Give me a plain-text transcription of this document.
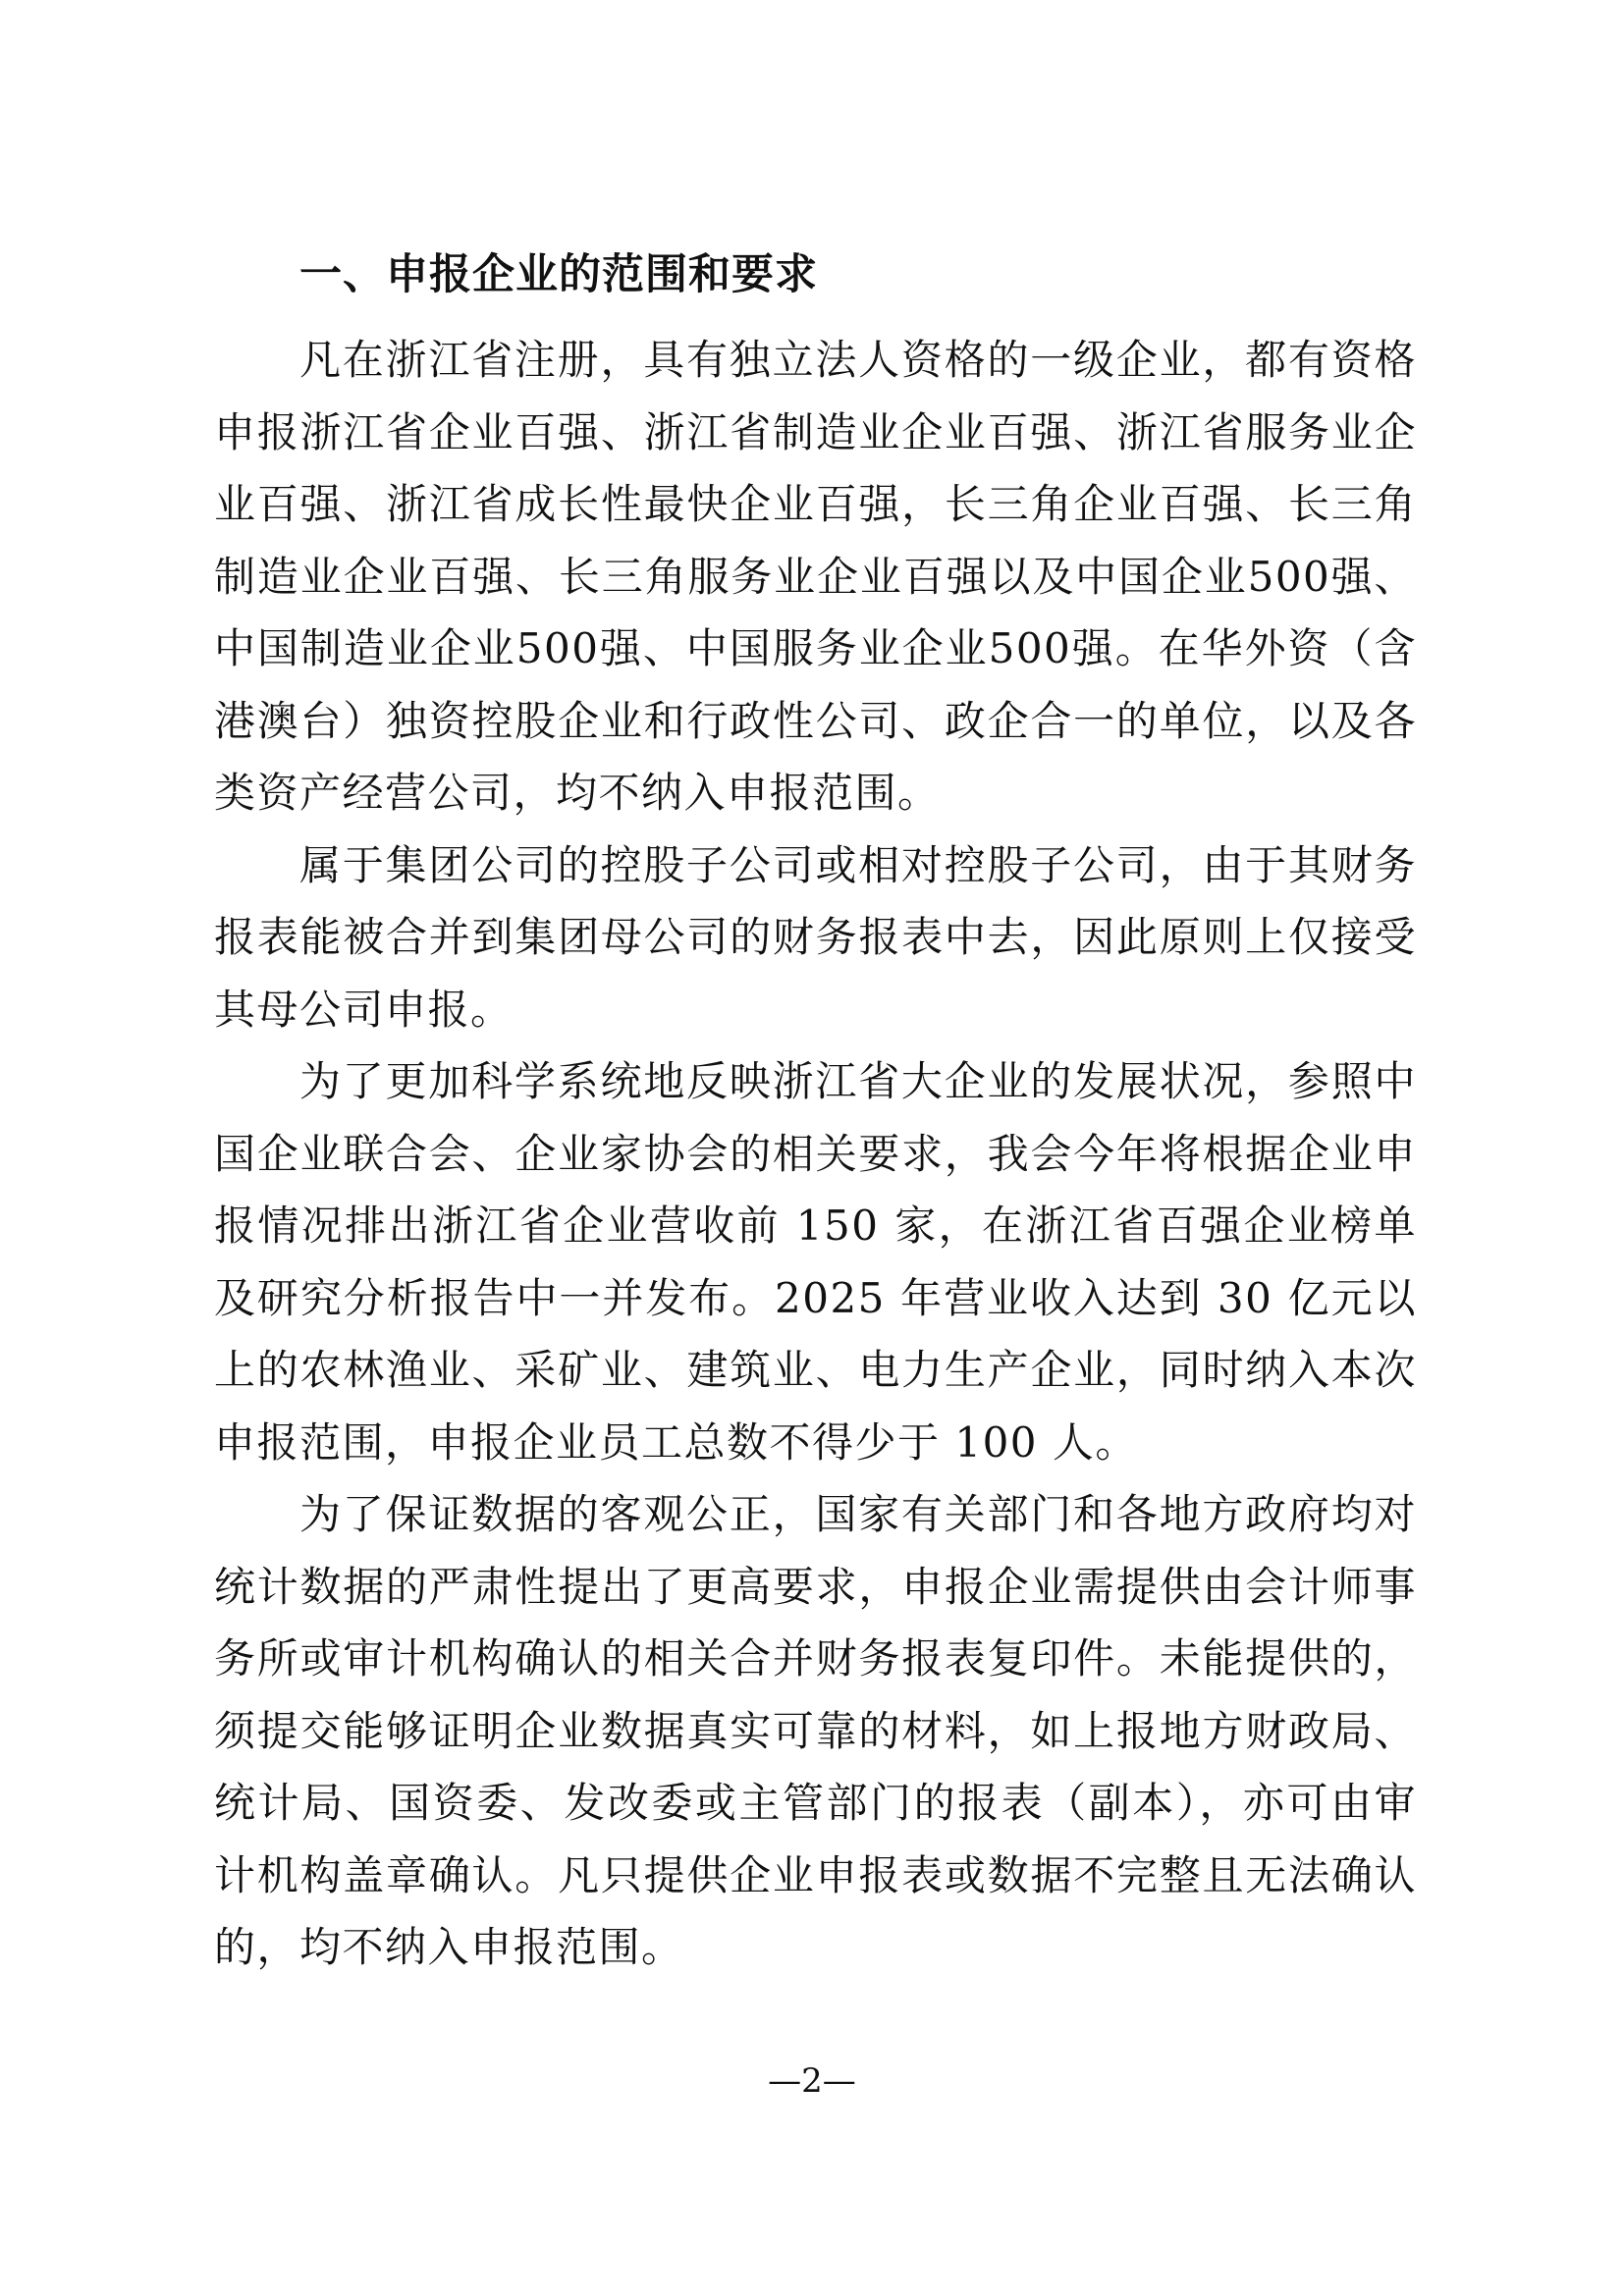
一、申报企业的范围和要求

凡在浙江省注册，具有独立法人资格的一级企业，都有资格申报浙江省企业百强、浙江省制造业企业百强、浙江省服务业企业百强、浙江省成长性最快企业百强，长三角企业百强、长三角制造业企业百强、长三角服务业企业百强以及中国企业500强、中国制造业企业500强、中国服务业企业500强。在华外资（含港澳台）独资控股企业和行政性公司、政企合一的单位，以及各类资产经营公司，均不纳入申报范围。

属于集团公司的控股子公司或相对控股子公司，由于其财务报表能被合并到集团母公司的财务报表中去，因此原则上仅接受其母公司申报。

为了更加科学系统地反映浙江省大企业的发展状况，参照中国企业联合会、企业家协会的相关要求，我会今年将根据企业申报情况排出浙江省企业营收前 150 家，在浙江省百强企业榜单及研究分析报告中一并发布。2025 年营业收入达到 30 亿元以上的农林渔业、采矿业、建筑业、电力生产企业，同时纳入本次申报范围，申报企业员工总数不得少于 100 人。

为了保证数据的客观公正，国家有关部门和各地方政府均对统计数据的严肃性提出了更高要求，申报企业需提供由会计师事务所或审计机构确认的相关合并财务报表复印件。未能提供的，须提交能够证明企业数据真实可靠的材料，如上报地方财政局、统计局、国资委、发改委或主管部门的报表（副本），亦可由审计机构盖章确认。凡只提供企业申报表或数据不完整且无法确认的，均不纳入申报范围。

—2—
